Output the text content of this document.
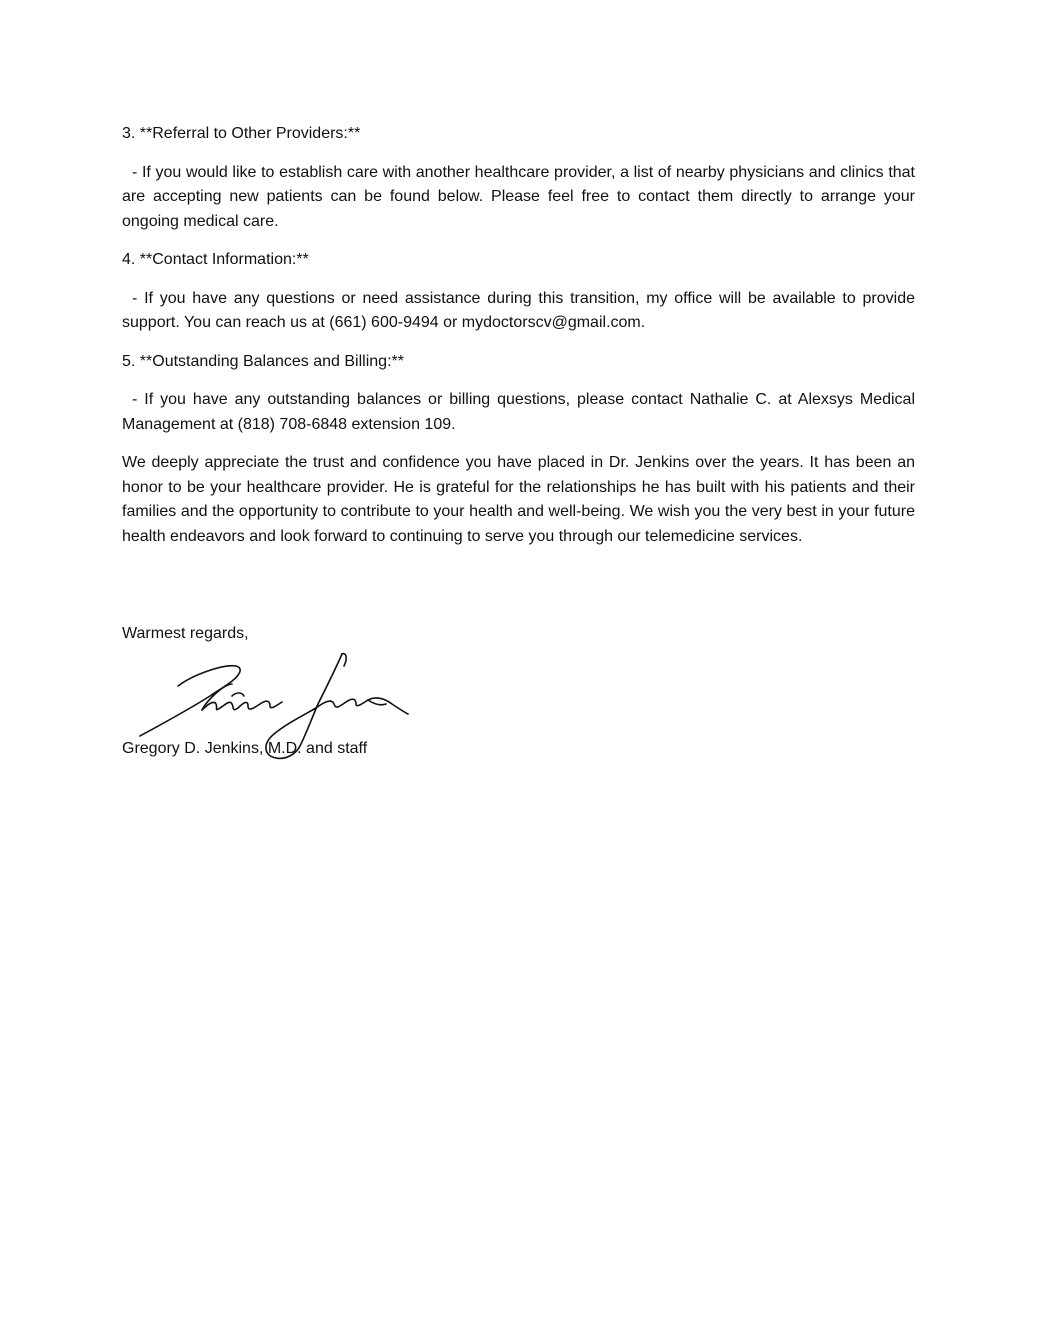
3. **Referral to Other Providers:**

- If you would like to establish care with another healthcare provider, a list of nearby physicians and clinics that are accepting new patients can be found below. Please feel free to contact them directly to arrange your ongoing medical care.

4. **Contact Information:**

- If you have any questions or need assistance during this transition, my office will be available to provide support. You can reach us at (661) 600-9494 or mydoctorscv@gmail.com.

5. **Outstanding Balances and Billing:**

- If you have any outstanding balances or billing questions, please contact Nathalie C. at Alexsys Medical Management at (818) 708-6848 extension 109.

We deeply appreciate the trust and confidence you have placed in Dr. Jenkins over the years. It has been an honor to be your healthcare provider. He is grateful for the relationships he has built with his patients and their families and the opportunity to contribute to your health and well-being. We wish you the very best in your future health endeavors and look forward to continuing to serve you through our telemedicine services.

Warmest regards,
Gregory D. Jenkins, M.D. and staff
